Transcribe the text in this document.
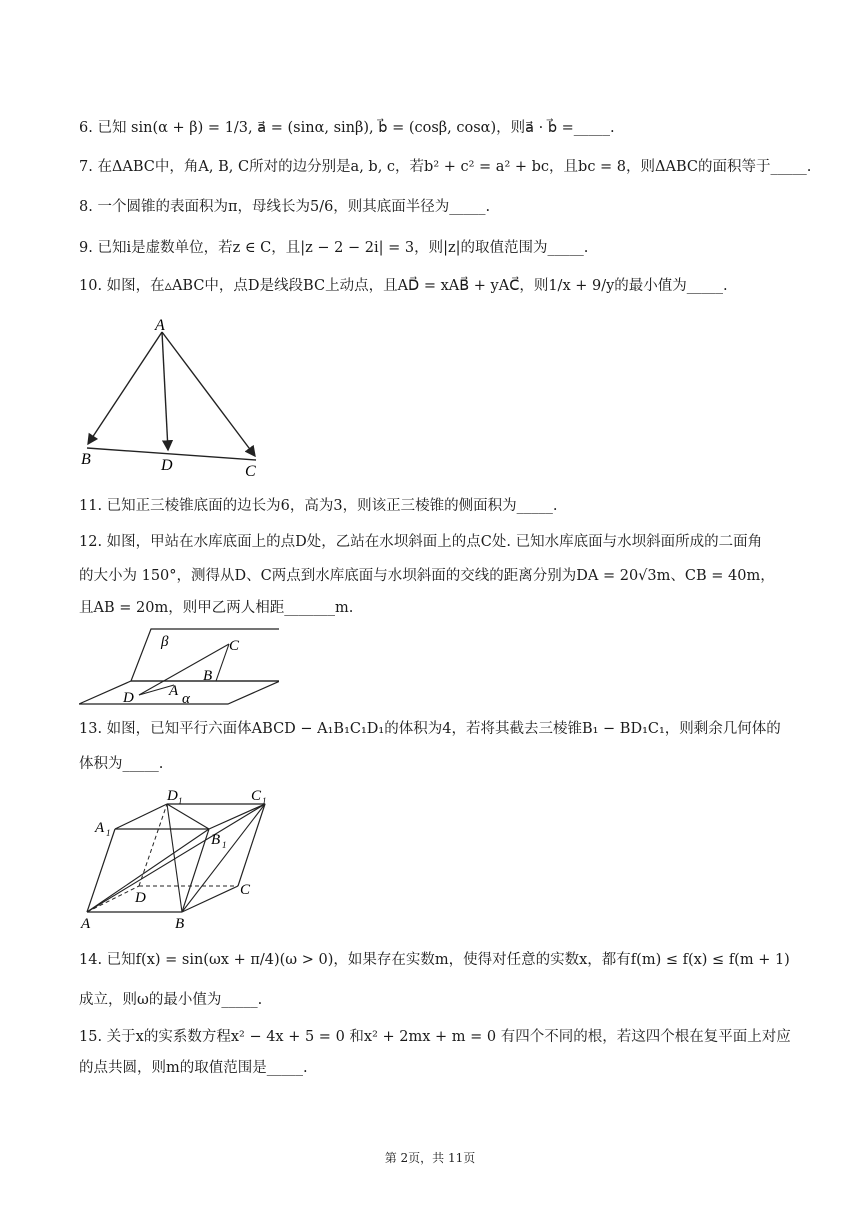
6. 已知 sin(α + β) = 1/3, a⃗ = (sinα, sinβ), b⃗ = (cosβ, cosα)，则a⃗ · b⃗ =_____.
7. 在ΔABC中，角A, B, C所对的边分别是a, b, c，若b² + c² = a² + bc，且bc = 8，则ΔABC的面积等于_____.
8. 一个圆锥的表面积为π，母线长为5/6，则其底面半径为_____.
9. 已知i是虚数单位，若z ∈ C，且|z − 2 − 2i| = 3，则|z|的取值范围为_____.
10. 如图，在▵ABC中，点D是线段BC上动点，且AD⃗ = xAB⃗ + yAC⃗，则1/x + 9/y的最小值为_____.
A
B	D	C
11. 已知正三棱锥底面的边长为6，高为3，则该正三棱锥的侧面积为_____.
12. 如图，甲站在水库底面上的点D处，乙站在水坝斜面上的点C处. 已知水库底面与水坝斜面所成的二面角
的大小为 150°，测得从D、C两点到水库底面与水坝斜面的交线的距离分别为DA = 20√3m、CB = 40m，
且AB = 20m，则甲乙两人相距_______m.
β	C
B
D A α
13. 如图，已知平行六面体ABCD − A₁B₁C₁D₁的体积为4，若将其截去三棱锥B₁ − BD₁C₁，则剩余几何体的
体积为_____.
A 1
D 1	C 1
B 1
D	C
A	B
14. 已知f(x) = sin(ωx + π/4)(ω > 0)，如果存在实数m，使得对任意的实数x，都有f(m) ≤ f(x) ≤ f(m + 1)
成立，则ω的最小值为_____.
15. 关于x的实系数方程x² − 4x + 5 = 0 和x² + 2mx + m = 0 有四个不同的根，若这四个根在复平面上对应
的点共圆，则m的取值范围是_____.
第 2页，共 11页
